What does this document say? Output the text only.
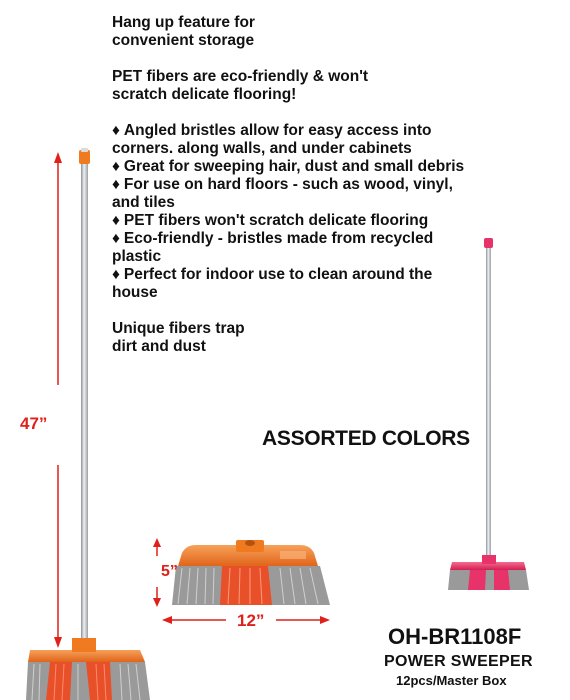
Hang up feature for convenient storage

PET fibers are eco-friendly & won't scratch delicate flooring!

♦ Angled bristles allow for easy access into corners. along walls, and under cabinets
♦ Great for sweeping hair, dust and small debris
♦ For use on hard floors - such as wood, vinyl, and tiles
♦ PET fibers won't scratch delicate flooring
♦ Eco-friendly - bristles made from recycled plastic
♦ Perfect for indoor use to clean around the house

Unique fibers trap dirt and dust

47”
5”
12”
ASSORTED COLORS
OH-BR1108F
POWER SWEEPER
12pcs/Master Box
